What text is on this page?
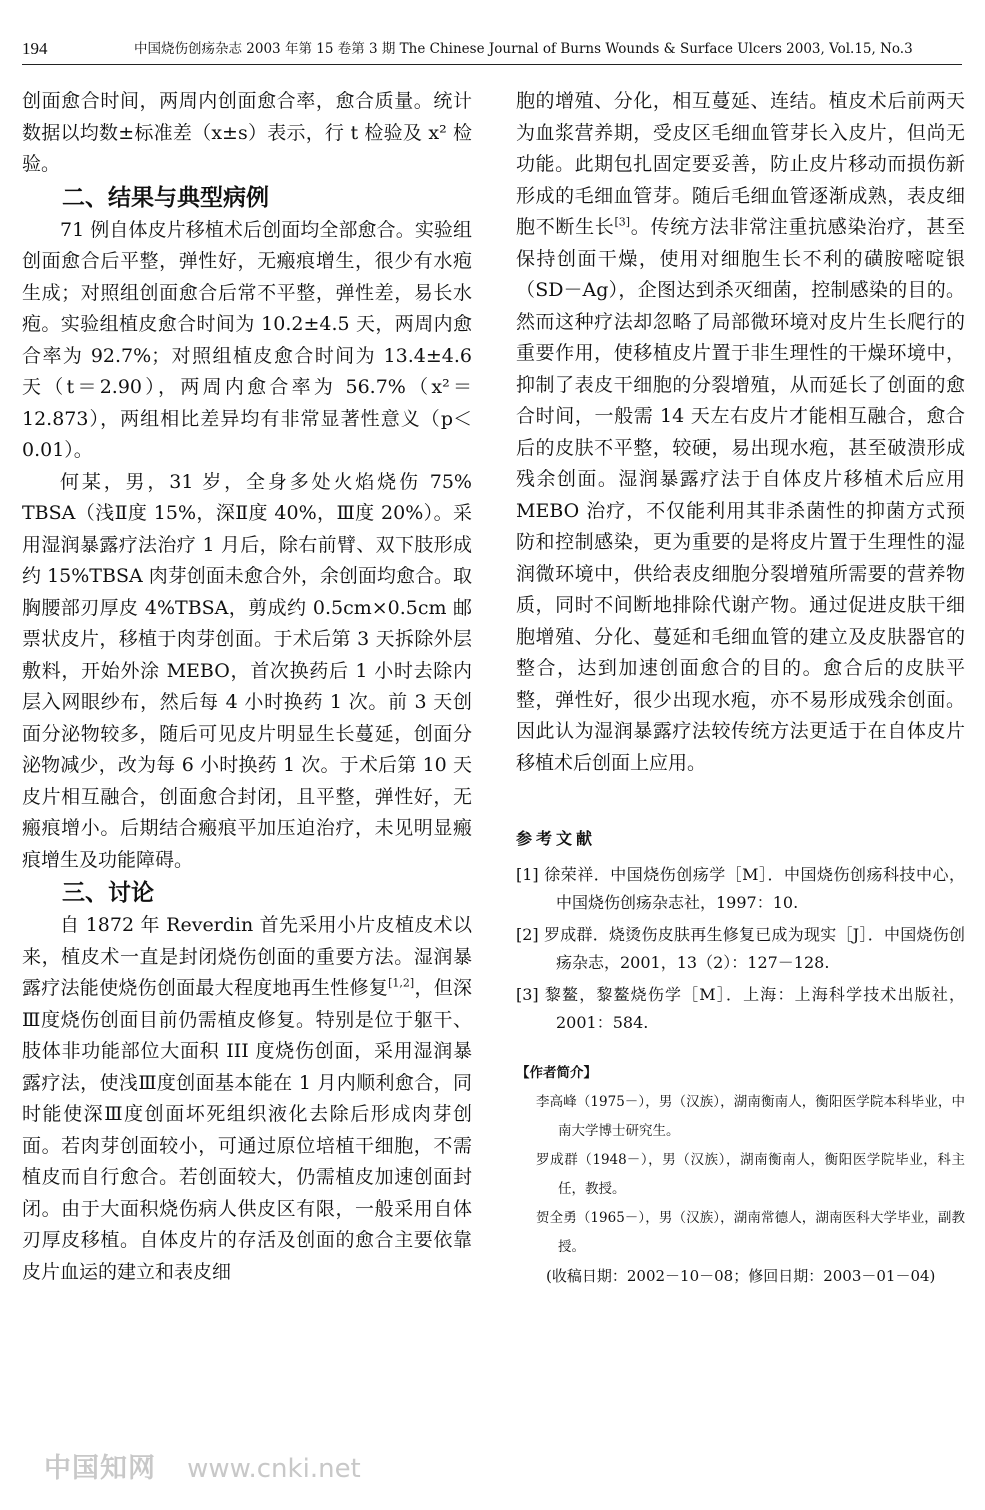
194	中国烧伤创疡杂志 2003 年第 15 卷第 3 期 The Chinese Journal of Burns Wounds & Surface Ulcers 2003, Vol.15, No.3

创面愈合时间，两周内创面愈合率，愈合质量。统计数据以均数±标准差（x±s）表示，行 t 检验及 x² 检验。

二、结果与典型病例

71 例自体皮片移植术后创面均全部愈合。实验组创面愈合后平整，弹性好，无瘢痕增生，很少有水疱生成；对照组创面愈合后常不平整，弹性差，易长水疱。实验组植皮愈合时间为 10.2±4.5 天，两周内愈合率为 92.7%；对照组植皮愈合时间为 13.4±4.6 天（t＝2.90），两周内愈合率为 56.7%（x²＝12.873），两组相比差异均有非常显著性意义（p＜0.01）。

何某，男，31 岁，全身多处火焰烧伤 75% TBSA（浅Ⅱ度 15%，深Ⅱ度 40%，Ⅲ度 20%）。采用湿润暴露疗法治疗 1 月后，除右前臂、双下肢形成约 15%TBSA 肉芽创面未愈合外，余创面均愈合。取胸腰部刃厚皮 4%TBSA，剪成约 0.5cm×0.5cm 邮票状皮片，移植于肉芽创面。于术后第 3 天拆除外层敷料，开始外涂 MEBO，首次换药后 1 小时去除内层入网眼纱布，然后每 4 小时换药 1 次。前 3 天创面分泌物较多，随后可见皮片明显生长蔓延，创面分泌物减少，改为每 6 小时换药 1 次。于术后第 10 天皮片相互融合，创面愈合封闭，且平整，弹性好，无瘢痕增小。后期结合瘢痕平加压迫治疗，未见明显瘢痕增生及功能障碍。

三、讨论

自 1872 年 Reverdin 首先采用小片皮植皮术以来，植皮术一直是封闭烧伤创面的重要方法。湿润暴露疗法能使烧伤创面最大程度地再生性修复[1,2]，但深Ⅲ度烧伤创面目前仍需植皮修复。特别是位于躯干、肢体非功能部位大面积 III 度烧伤创面，采用湿润暴露疗法，使浅Ⅲ度创面基本能在 1 月内顺利愈合，同时能使深Ⅲ度创面坏死组织液化去除后形成肉芽创面。若肉芽创面较小，可通过原位培植干细胞，不需植皮而自行愈合。若创面较大，仍需植皮加速创面封闭。由于大面积烧伤病人供皮区有限，一般采用自体刃厚皮移植。自体皮片的存活及创面的愈合主要依靠皮片血运的建立和表皮细

胞的增殖、分化，相互蔓延、连结。植皮术后前两天为血浆营养期，受皮区毛细血管芽长入皮片，但尚无功能。此期包扎固定要妥善，防止皮片移动而损伤新形成的毛细血管芽。随后毛细血管逐渐成熟，表皮细胞不断生长[3]。传统方法非常注重抗感染治疗，甚至保持创面干燥，使用对细胞生长不利的磺胺嘧啶银（SD－Ag），企图达到杀灭细菌，控制感染的目的。然而这种疗法却忽略了局部微环境对皮片生长爬行的重要作用，使移植皮片置于非生理性的干燥环境中，抑制了表皮干细胞的分裂增殖，从而延长了创面的愈合时间，一般需 14 天左右皮片才能相互融合，愈合后的皮肤不平整，较硬，易出现水疱，甚至破溃形成残余创面。湿润暴露疗法于自体皮片移植术后应用 MEBO 治疗，不仅能利用其非杀菌性的抑菌方式预防和控制感染，更为重要的是将皮片置于生理性的湿润微环境中，供给表皮细胞分裂增殖所需要的营养物质，同时不间断地排除代谢产物。通过促进皮肤干细胞增殖、分化、蔓延和毛细血管的建立及皮肤器官的整合，达到加速创面愈合的目的。愈合后的皮肤平整，弹性好，很少出现水疱，亦不易形成残余创面。因此认为湿润暴露疗法较传统方法更适于在自体皮片移植术后创面上应用。

参考文献

[1] 徐荣祥．中国烧伤创疡学［M］．中国烧伤创疡科技中心，中国烧伤创疡杂志社，1997：10.

[2] 罗成群．烧烫伤皮肤再生修复已成为现实［J］．中国烧伤创疡杂志，2001，13（2）：127－128.

[3] 黎鳌，黎鳌烧伤学［M］．上海：上海科学技术出版社，2001：584.

【作者简介】

李高峰（1975－），男（汉族），湖南衡南人，衡阳医学院本科毕业，中南大学博士研究生。

罗成群（1948－），男（汉族），湖南衡南人，衡阳医学院毕业，科主任，教授。

贺全勇（1965－），男（汉族），湖南常德人，湖南医科大学毕业，副教授。

(收稿日期：2002－10－08；修回日期：2003－01－04)

中国知网 www.cnki.net
